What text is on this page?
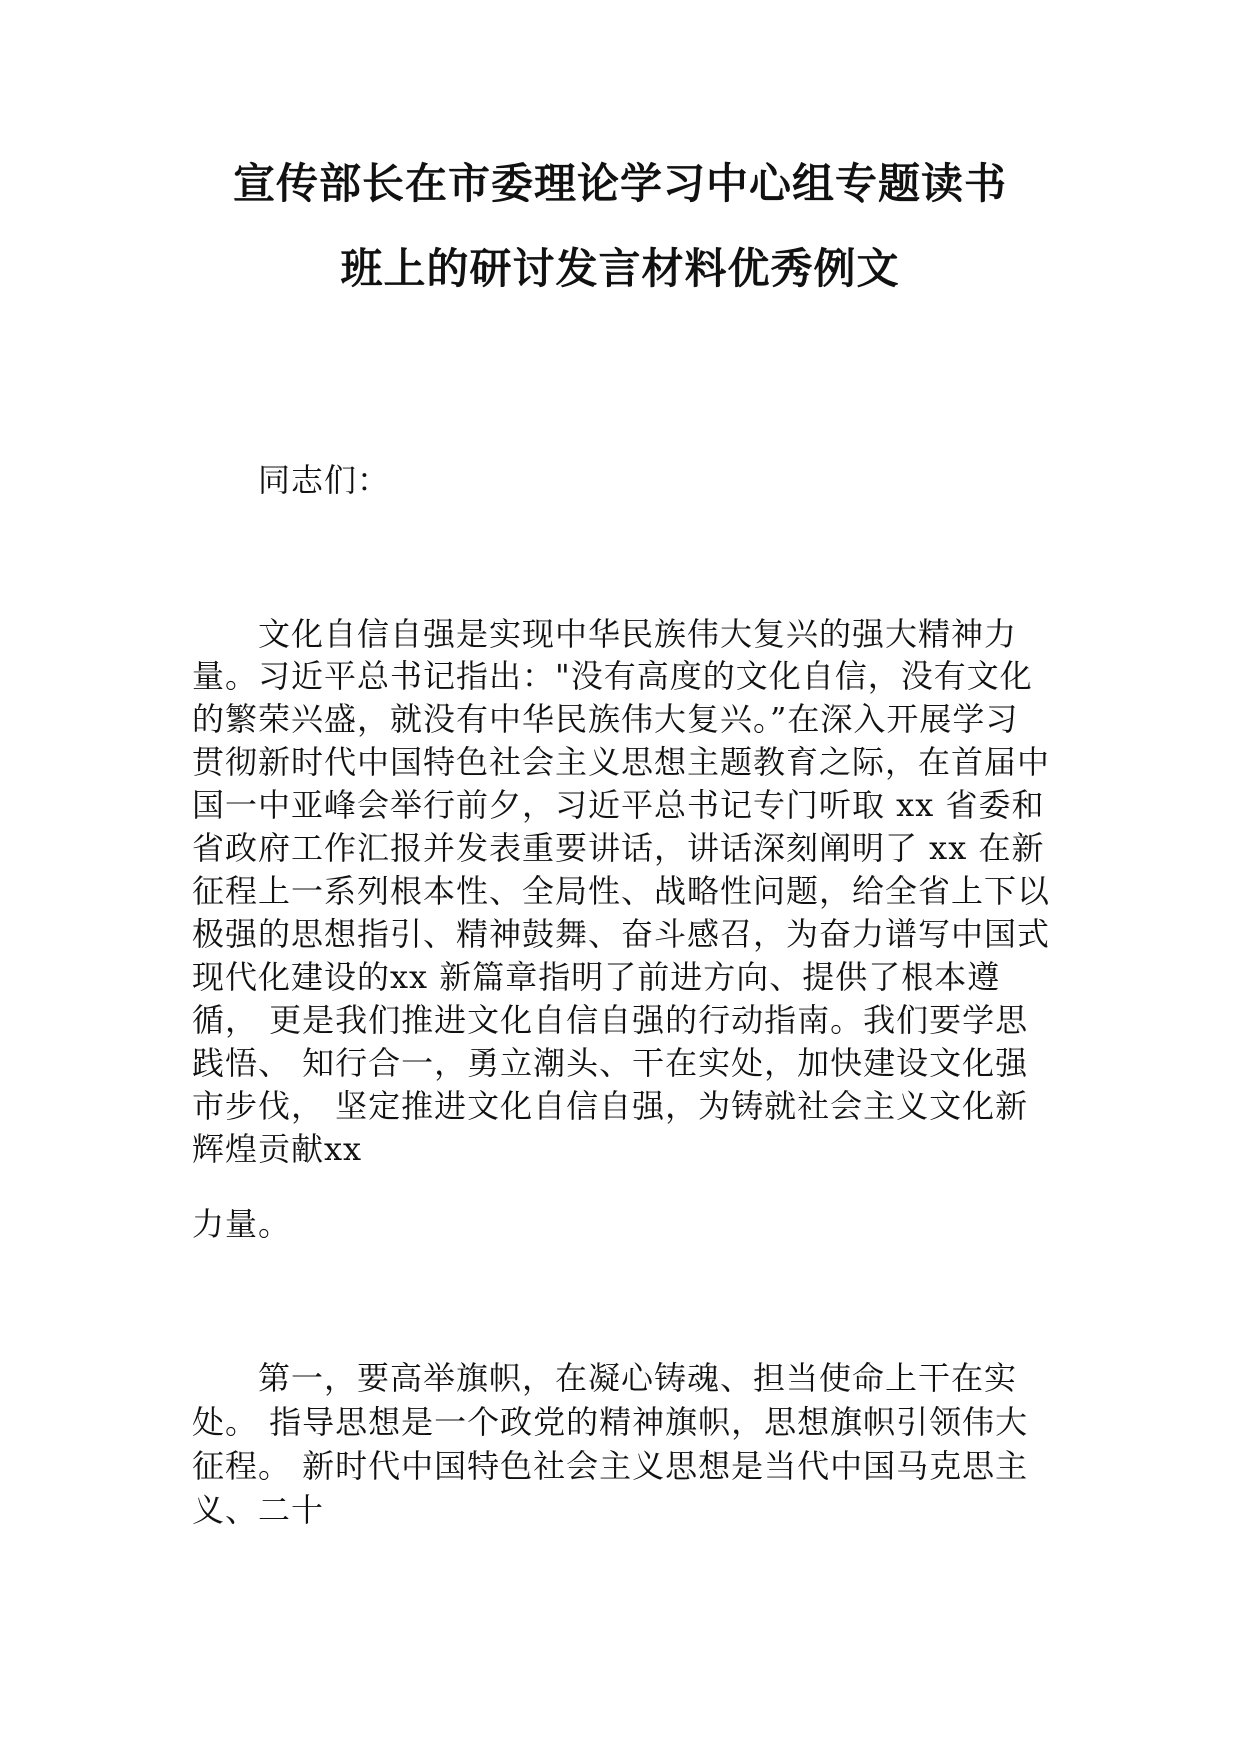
宣传部长在市委理论学习中心组专题读书
班上的研讨发言材料优秀例文

同志们：

文化自信自强是实现中华民族伟大复兴的强大精神力

量。习近平总书记指出："没有高度的文化自信，没有文化

的繁荣兴盛，就没有中华民族伟大复兴。”在深入开展学习

贯彻新时代中国特色社会主义思想主题教育之际，在首届中

国一中亚峰会举行前夕，习近平总书记专门听取 xx 省委和

省政府工作汇报并发表重要讲话，讲话深刻阐明了 xx 在新

征程上一系列根本性、全局性、战略性问题，给全省上下以

极强的思想指引、精神鼓舞、奋斗感召，为奋力谱写中国式

现代化建设的xx 新篇章指明了前进方向、提供了根本遵

循， 更是我们推进文化自信自强的行动指南。我们要学思

践悟、 知行合一，勇立潮头、干在实处，加快建设文化强

市步伐， 坚定推进文化自信自强，为铸就社会主义文化新

辉煌贡献xx

力量。

第一，要高举旗帜，在凝心铸魂、担当使命上干在实

处。 指导思想是一个政党的精神旗帜，思想旗帜引领伟大

征程。 新时代中国特色社会主义思想是当代中国马克思主

义、二十
